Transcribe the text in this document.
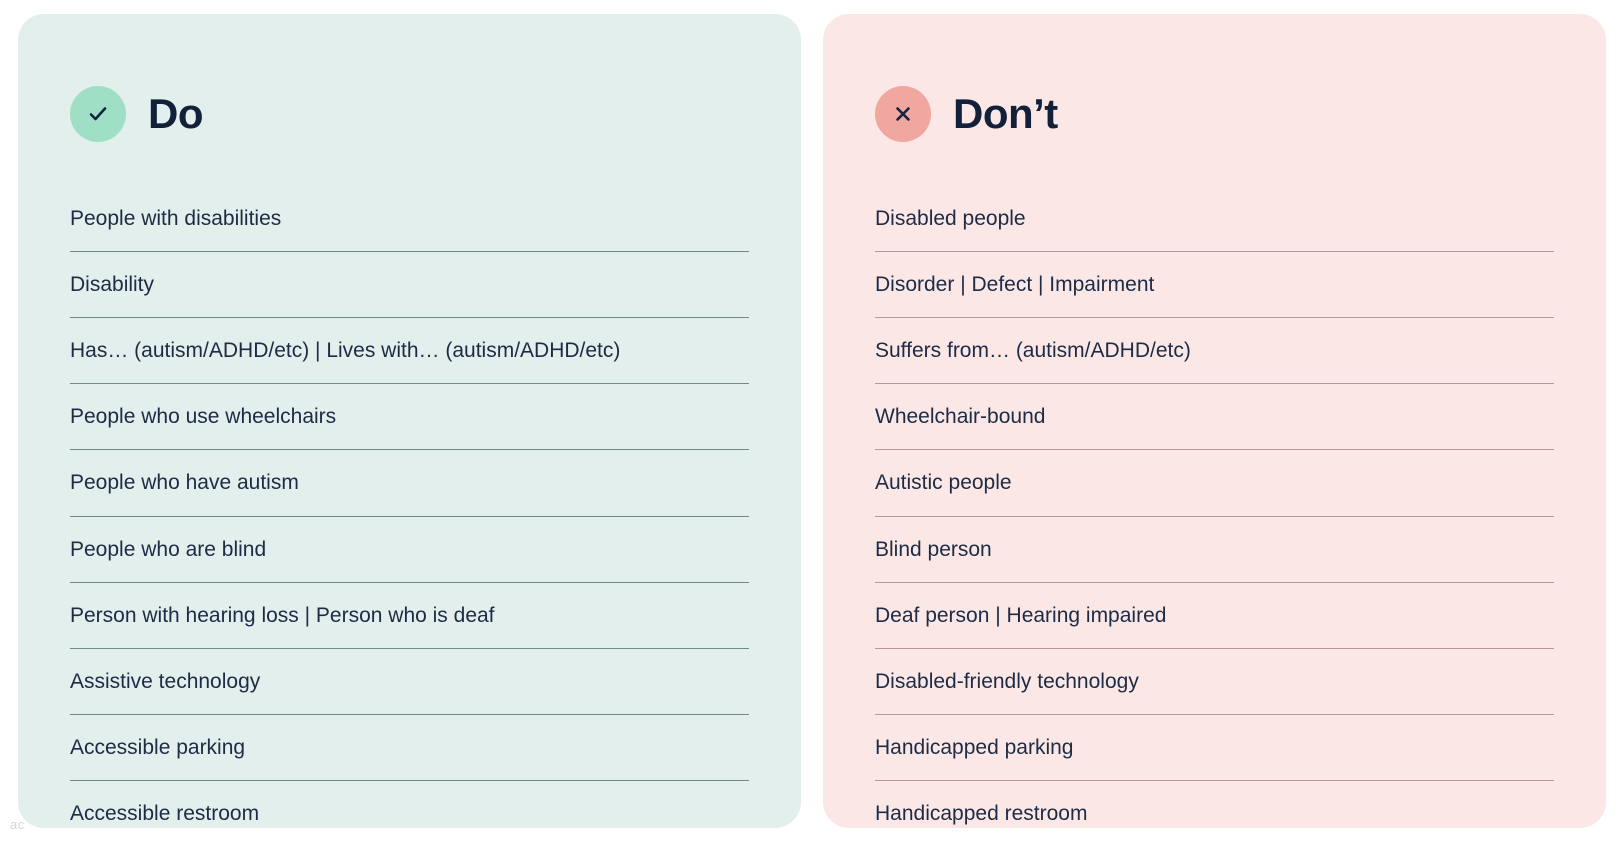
Do
People with disabilities
Disability
Has… (autism/ADHD/etc) | Lives with… (autism/ADHD/etc)
People who use wheelchairs
People who have autism
People who are blind
Person with hearing loss | Person who is deaf
Assistive technology
Accessible parking
Accessible restroom
Don’t
Disabled people
Disorder | Defect | Impairment
Suffers from… (autism/ADHD/etc)
Wheelchair-bound
Autistic people
Blind person
Deaf person | Hearing impaired
Disabled-friendly technology
Handicapped parking
Handicapped restroom
ac
